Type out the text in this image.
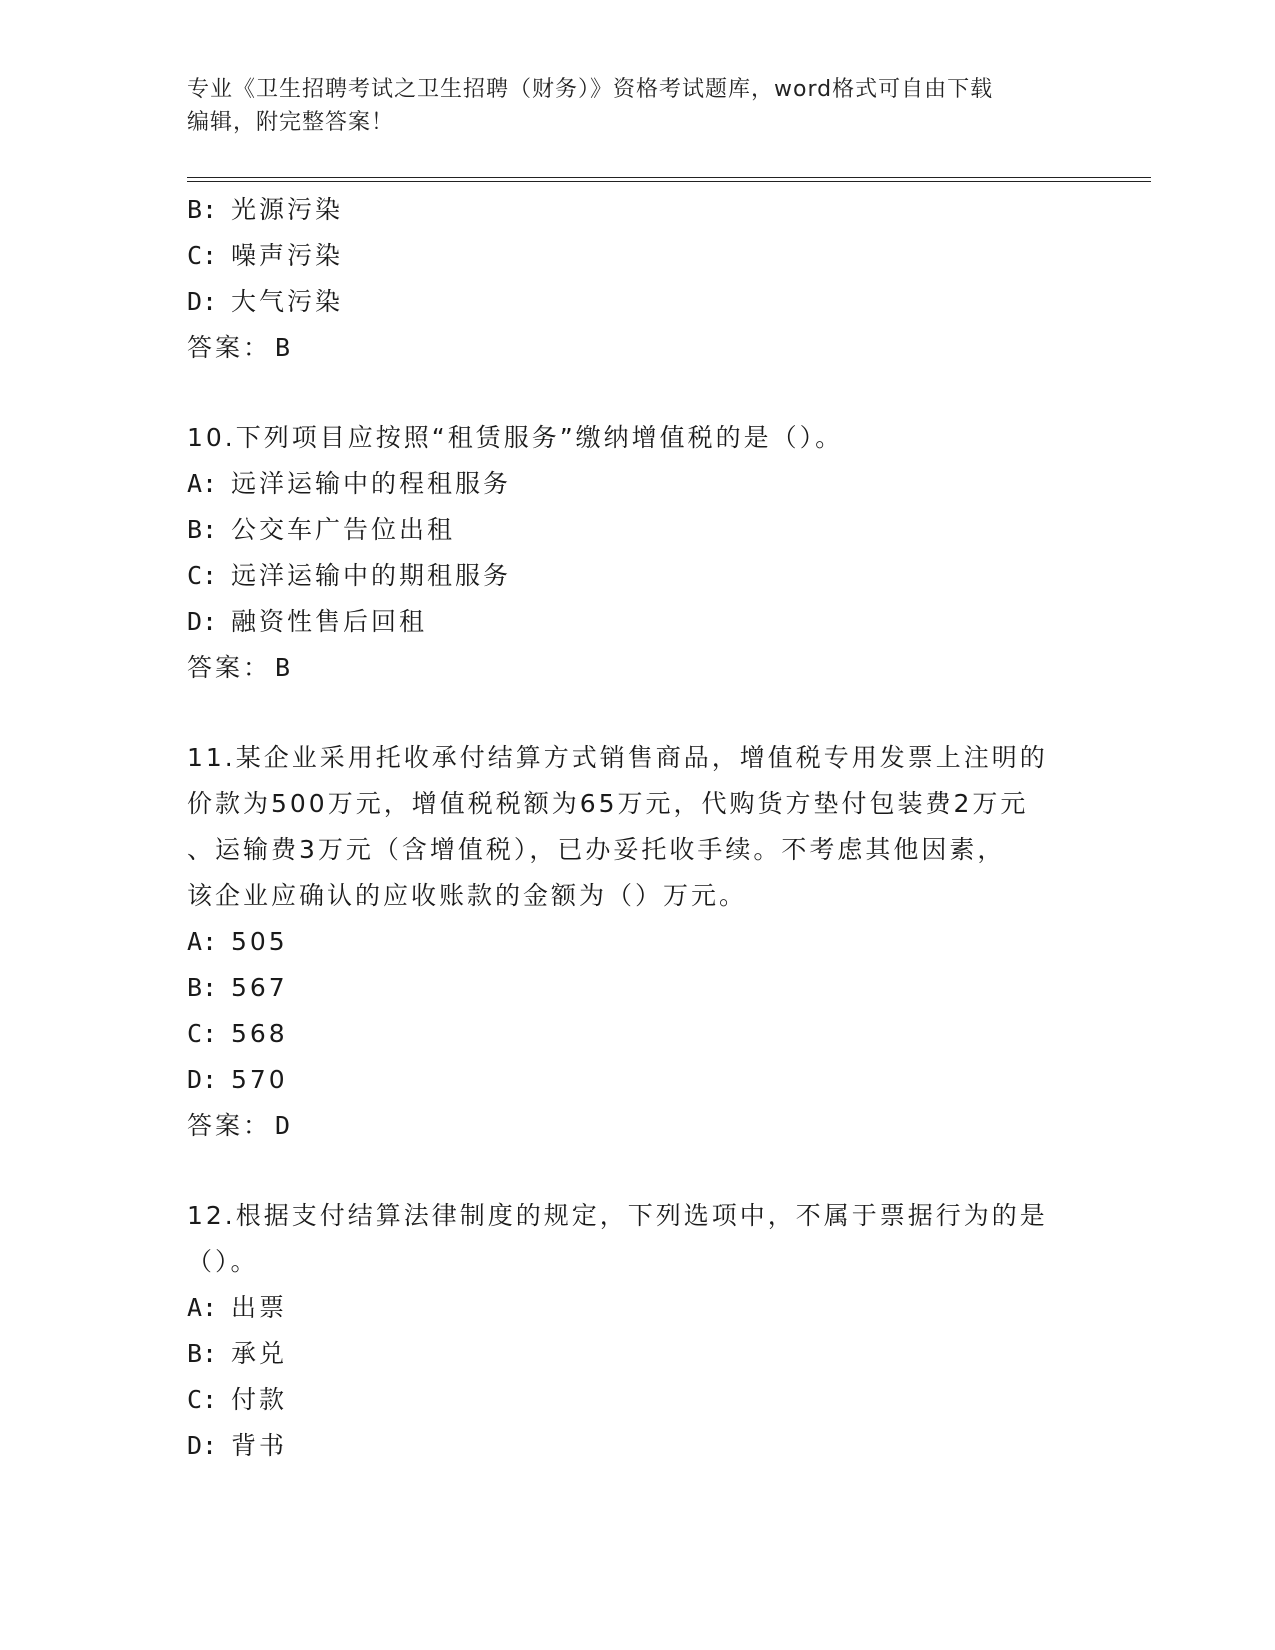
专业《卫生招聘考试之卫生招聘（财务）》资格考试题库，word格式可自由下载

编辑，附完整答案！

B: 光源污染
C: 噪声污染
D: 大气污染
答案： B
10.下列项目应按照“租赁服务”缴纳增值税的是（）。
A: 远洋运输中的程租服务
B: 公交车广告位出租
C: 远洋运输中的期租服务
D: 融资性售后回租
答案： B
11.某企业采用托收承付结算方式销售商品，增值税专用发票上注明的
价款为500万元，增值税税额为65万元，代购货方垫付包装费2万元
、运输费3万元（含增值税），已办妥托收手续。不考虑其他因素，
该企业应确认的应收账款的金额为（）万元。
A: 505
B: 567
C: 568
D: 570
答案： D
12.根据支付结算法律制度的规定，下列选项中，不属于票据行为的是
（）。
A: 出票
B: 承兑
C: 付款
D: 背书
